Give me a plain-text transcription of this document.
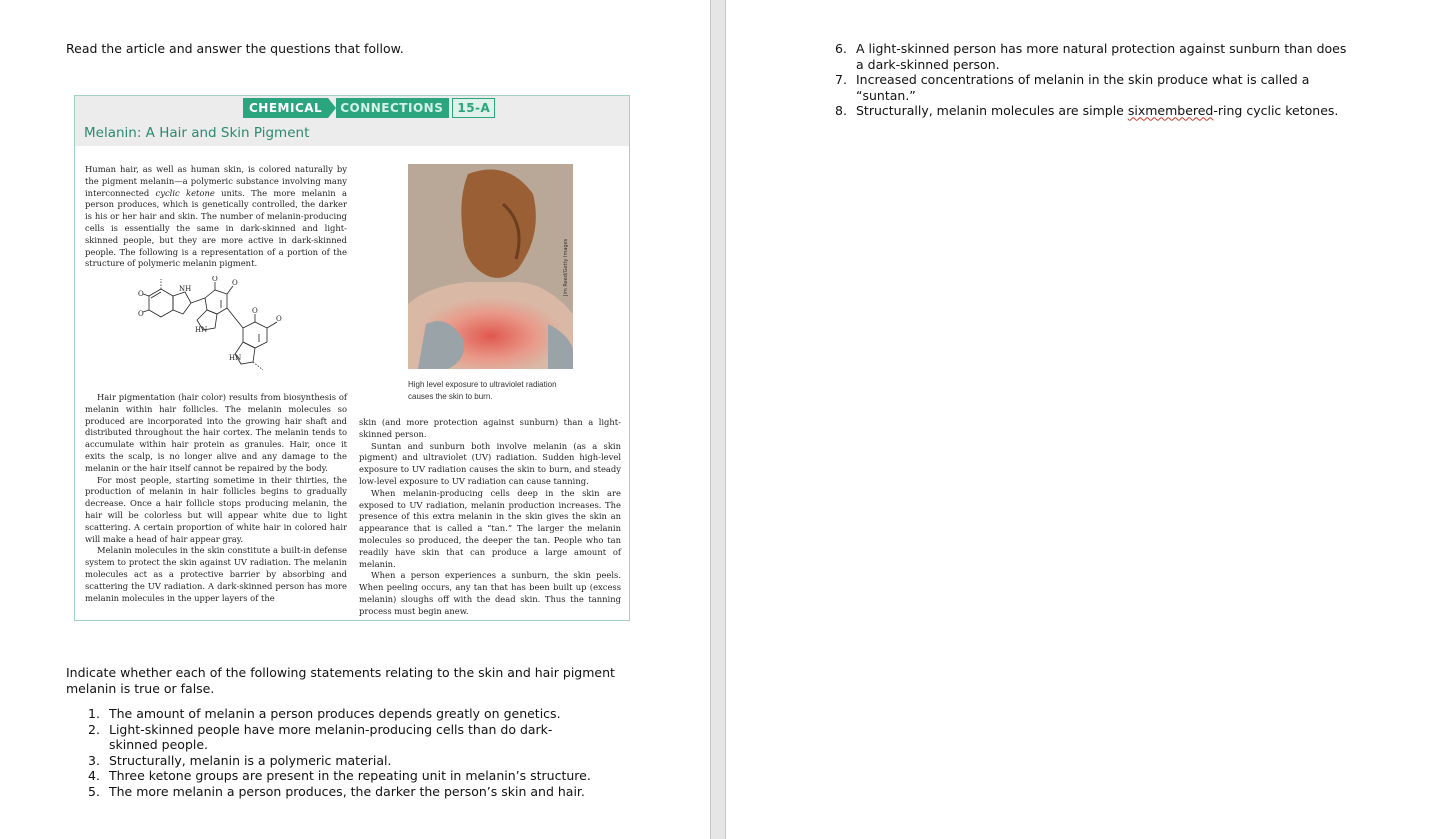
Read the article and answer the questions that follow.
CHEMICAL	CONNECTIONS	15-A
Melanin: A Hair and Skin Pigment
Human hair, as well as human skin, is colored naturally by the pigment melanin—a polymeric substance involving many interconnected cyclic ketone units. The more melanin a person produces, which is genetically controlled, the darker is his or her hair and skin. The number of melanin-producing cells is essentially the same in dark-skinned and light-skinned people, but they are more active in dark-skinned people. The following is a representation of a portion of the structure of polymeric melanin pigment.
NH
HN
HN
O
O
O O
O
O
Jim Reed/Getty Images
High level exposure to ultraviolet radiation causes the skin to burn.
Hair pigmentation (hair color) results from biosynthesis of melanin within hair follicles. The melanin molecules so produced are incorporated into the growing hair shaft and distributed throughout the hair cortex. The melanin tends to accumulate within hair protein as granules. Hair, once it exits the scalp, is no longer alive and any damage to the melanin or the hair itself cannot be repaired by the body.
For most people, starting sometime in their thirties, the production of melanin in hair follicles begins to gradually decrease. Once a hair follicle stops producing melanin, the hair will be colorless but will appear white due to light scattering. A certain proportion of white hair in colored hair will make a head of hair appear gray.
Melanin molecules in the skin constitute a built-in defense system to protect the skin against UV radiation. The melanin molecules act as a protective barrier by absorbing and scattering the UV radiation. A dark-skinned person has more melanin molecules in the upper layers of the
skin (and more protection against sunburn) than a light-skinned person.
Suntan and sunburn both involve melanin (as a skin pigment) and ultraviolet (UV) radiation. Sudden high-level exposure to UV radiation causes the skin to burn, and steady low-level exposure to UV radiation can cause tanning.
When melanin-producing cells deep in the skin are exposed to UV radiation, melanin production increases. The presence of this extra melanin in the skin gives the skin an appearance that is called a “tan.” The larger the melanin molecules so produced, the deeper the tan. People who tan readily have skin that can produce a large amount of melanin.
When a person experiences a sunburn, the skin peels. When peeling occurs, any tan that has been built up (excess melanin) sloughs off with the dead skin. Thus the tanning process must begin anew.
Indicate whether each of the following statements relating to the skin and hair pigment melanin is true or false.
1. The amount of melanin a person produces depends greatly on genetics.
2. Light-skinned people have more melanin-producing cells than do dark-skinned people.
3. Structurally, melanin is a polymeric material.
4. Three ketone groups are present in the repeating unit in melanin’s structure.
5. The more melanin a person produces, the darker the person’s skin and hair.
6. A light-skinned person has more natural protection against sunburn than does a dark-skinned person.
7. Increased concentrations of melanin in the skin produce what is called a “suntan.”
8. Structurally, melanin molecules are simple sixmembered-ring cyclic ketones.
